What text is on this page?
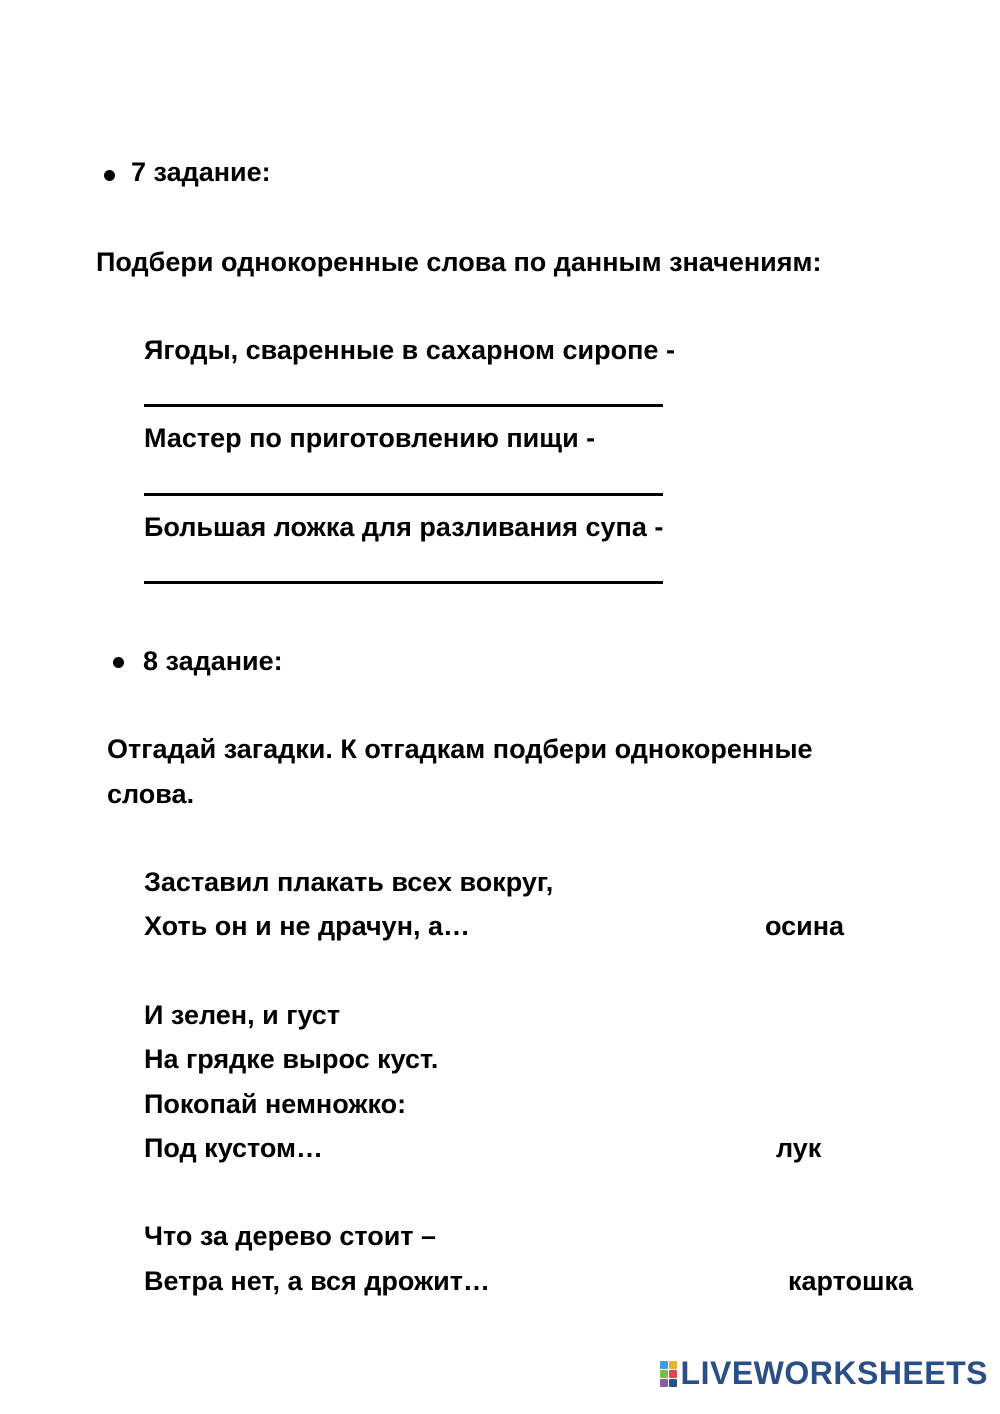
7 задание:
Подбери однокоренные слова по данным значениям:
Ягоды, сваренные в сахарном сиропе -
Мастер по приготовлению пищи -
Большая ложка для разливания супа -
8 задание:
Отгадай загадки. К отгадкам подбери однокоренные
слова.
Заставил плакать всех вокруг,
Хоть он и не драчун, а…	осина
И зелен, и густ
На грядке вырос куст.
Покопай немножко:
Под кустом…	лук
Что за дерево стоит –
Ветра нет, а вся дрожит…	картошка
LIVEWORKSHEETS
